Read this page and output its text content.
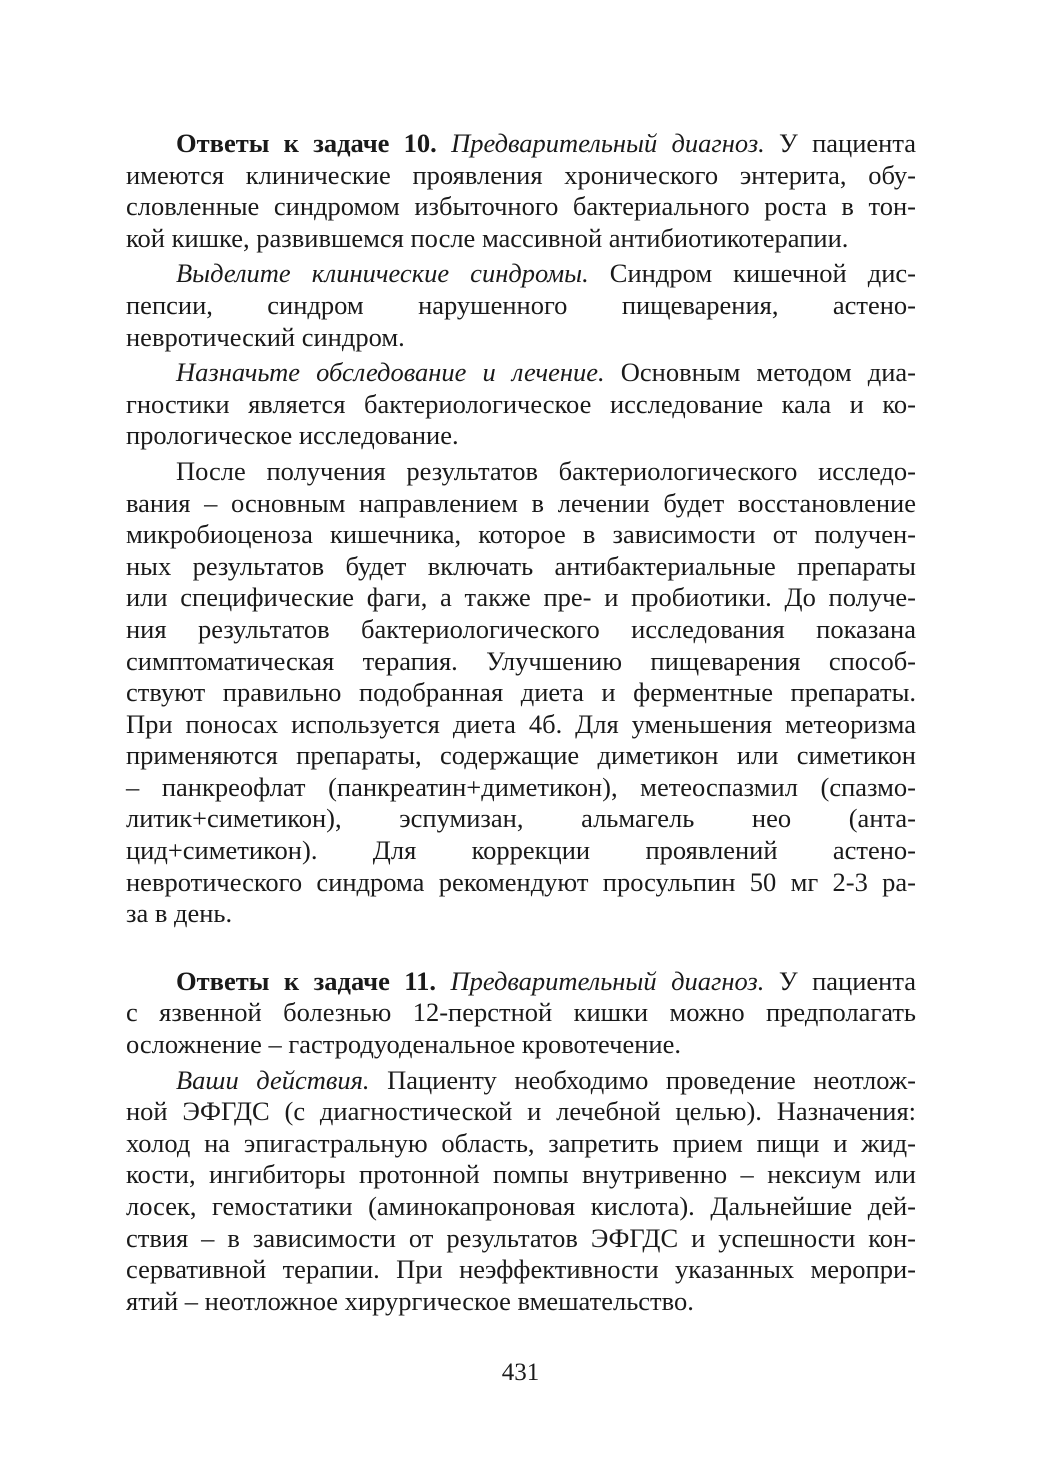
Ответы к задаче 10. Предварительный диагноз. У пациента
имеются клинические проявления хронического энтерита, обу-
словленные синдромом избыточного бактериального роста в тон-
кой кишке, развившемся после массивной антибиотикотерапии.
Выделите клинические синдромы. Синдром кишечной дис-
пепсии, синдром нарушенного пищеварения, астено-
невротический синдром.
Назначьте обследование и лечение. Основным методом диа-
гностики является бактериологическое исследование кала и ко-
прологическое исследование.
После получения результатов бактериологического исследо-
вания – основным направлением в лечении будет восстановление
микробиоценоза кишечника, которое в зависимости от получен-
ных результатов будет включать антибактериальные препараты
или специфические фаги, а также пре- и пробиотики. До получе-
ния результатов бактериологического исследования показана
симптоматическая терапия. Улучшению пищеварения способ-
ствуют правильно подобранная диета и ферментные препараты.
При поносах используется диета 4б. Для уменьшения метеоризма
применяются препараты, содержащие диметикон или симетикон
– панкреофлат (панкреатин+диметикон), метеоспазмил (спазмо-
литик+симетикон), эспумизан, альмагель нео (анта-
цид+симетикон). Для коррекции проявлений астено-
невротического синдрома рекомендуют просульпин 50 мг 2-3 ра-
за в день.
Ответы к задаче 11. Предварительный диагноз. У пациента
с язвенной болезнью 12-перстной кишки можно предполагать
осложнение – гастродуоденальное кровотечение.
Ваши действия. Пациенту необходимо проведение неотлож-
ной ЭФГДС (с диагностической и лечебной целью). Назначения:
холод на эпигастральную область, запретить прием пищи и жид-
кости, ингибиторы протонной помпы внутривенно – нексиум или
лосек, гемостатики (аминокапроновая кислота). Дальнейшие дей-
ствия – в зависимости от результатов ЭФГДС и успешности кон-
сервативной терапии. При неэффективности указанных меропри-
ятий – неотложное хирургическое вмешательство.
431
